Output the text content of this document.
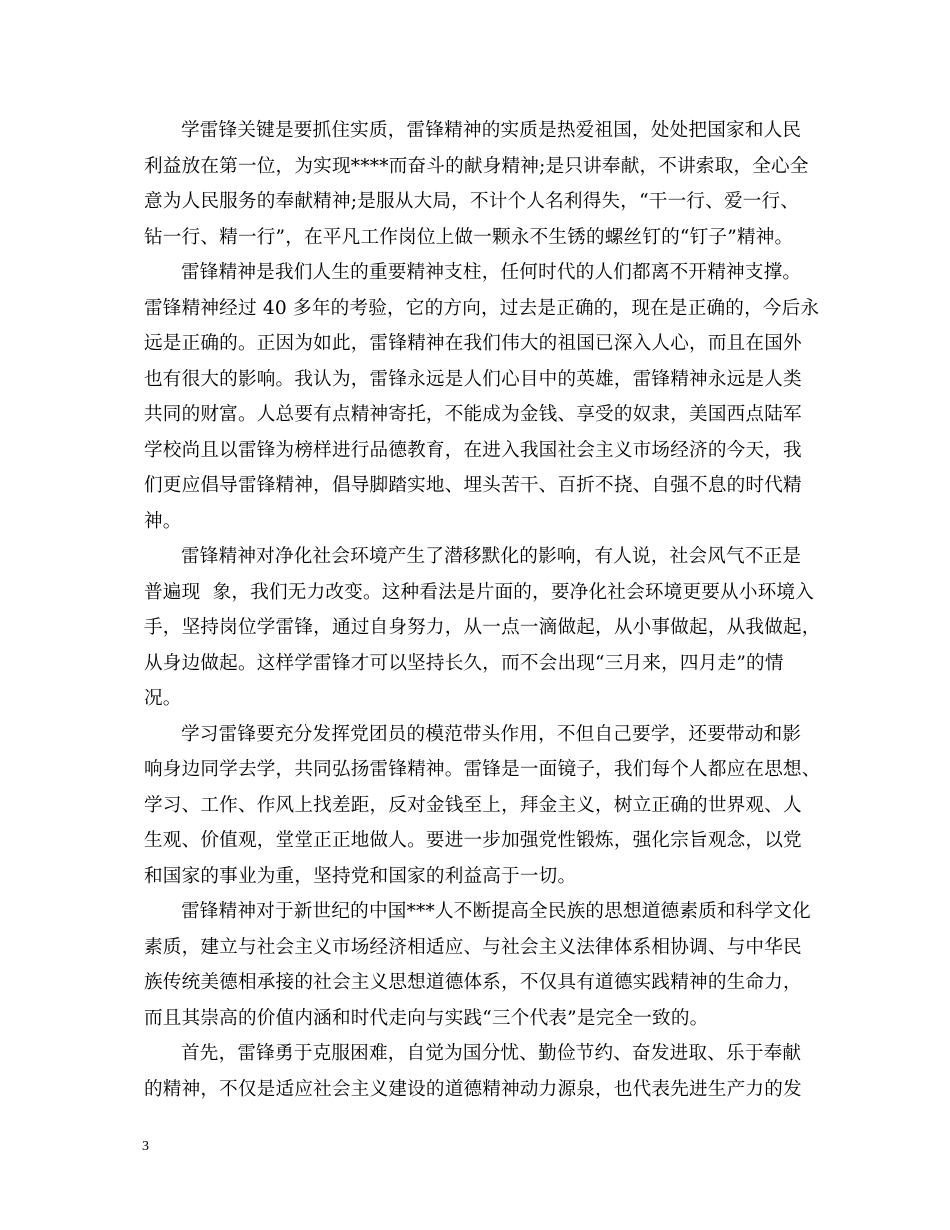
学雷锋关键是要抓住实质，雷锋精神的实质是热爱祖国，处处把国家和人民
利益放在第一位，为实现****而奋斗的献身精神;是只讲奉献，不讲索取，全心全
意为人民服务的奉献精神;是服从大局，不计个人名利得失，“干一行、爱一行、
钻一行、精一行”，在平凡工作岗位上做一颗永不生锈的螺丝钉的“钉子”精神。
雷锋精神是我们人生的重要精神支柱，任何时代的人们都离不开精神支撑。
雷锋精神经过 40 多年的考验，它的方向，过去是正确的，现在是正确的，今后永
远是正确的。正因为如此，雷锋精神在我们伟大的祖国已深入人心，而且在国外
也有很大的影响。我认为，雷锋永远是人们心目中的英雄，雷锋精神永远是人类
共同的财富。人总要有点精神寄托，不能成为金钱、享受的奴隶，美国西点陆军
学校尚且以雷锋为榜样进行品德教育，在进入我国社会主义市场经济的今天，我
们更应倡导雷锋精神，倡导脚踏实地、埋头苦干、百折不挠、自强不息的时代精
神。
雷锋精神对净化社会环境产生了潜移默化的影响，有人说，社会风气不正是
普遍现  象，我们无力改变。这种看法是片面的，要净化社会环境更要从小环境入
手，坚持岗位学雷锋，通过自身努力，从一点一滴做起，从小事做起，从我做起，
从身边做起。这样学雷锋才可以坚持长久，而不会出现“三月来，四月走”的情
况。
学习雷锋要充分发挥党团员的模范带头作用，不但自己要学，还要带动和影
响身边同学去学，共同弘扬雷锋精神。雷锋是一面镜子，我们每个人都应在思想、
学习、工作、作风上找差距，反对金钱至上，拜金主义，树立正确的世界观、人
生观、价值观，堂堂正正地做人。要进一步加强党性锻炼，强化宗旨观念，以党
和国家的事业为重，坚持党和国家的利益高于一切。
雷锋精神对于新世纪的中国***人不断提高全民族的思想道德素质和科学文化
素质，建立与社会主义市场经济相适应、与社会主义法律体系相协调、与中华民
族传统美德相承接的社会主义思想道德体系，不仅具有道德实践精神的生命力，
而且其崇高的价值内涵和时代走向与实践“三个代表”是完全一致的。
首先，雷锋勇于克服困难，自觉为国分忧、勤俭节约、奋发进取、乐于奉献
的精神，不仅是适应社会主义建设的道德精神动力源泉，也代表先进生产力的发
3
